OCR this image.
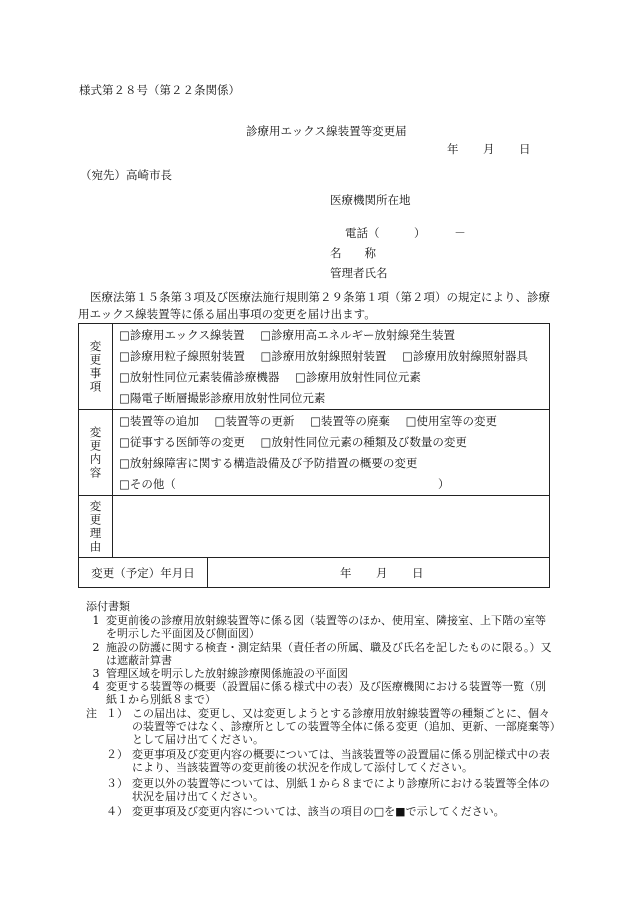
様式第２８号（第２２条関係）
診療用エックス線装置等変更届
年 月 日
（宛先）高崎市長
医療機関所在地
電話（　　　）　　　－
名　　称
管理者氏名
医療法第１５条第３項及び医療法施行規則第２９条第１項（第２項）の規定により、診療用エックス線装置等に係る届出事項の変更を届け出ます。
変更事項	□診療用エックス線装置 □診療用高エネルギー放射線発生装置
□診療用粒子線照射装置 □診療用放射線照射装置 □診療用放射線照射器具
□放射性同位元素装備診療機器 □診療用放射性同位元素
□陽電子断層撮影診療用放射性同位元素	

変更内容	□装置等の追加 □装置等の更新 □装置等の廃棄 □使用室等の変更
□従事する医師等の変更 □放射性同位元素の種類及び数量の変更
□放射線障害に関する構造設備及び予防措置の概要の変更
□その他（ ）	

変更理由		

変更（予定）年月日		年 月 日
添付書類
1 変更前後の診療用放射線装置等に係る図（装置等のほか、使用室、隣接室、上下階の室等を明示した平面図及び側面図）
2 施設の防護に関する検査・測定結果（責任者の所属、職及び氏名を記したものに限る。）又は遮蔽計算書
3 管理区域を明示した放射線診療関係施設の平面図
4 変更する装置等の概要（設置届に係る様式中の表）及び医療機関における装置等一覧（別紙１から別紙８まで）
注 １） この届出は、変更し、又は変更しようとする診療用放射線装置等の種類ごとに、個々の装置等ではなく、診療所としての装置等全体に係る変更（追加、更新、一部廃棄等）として届け出てください。
２） 変更事項及び変更内容の概要については、当該装置等の設置届に係る別記様式中の表により、当該装置等の変更前後の状況を作成して添付してください。
３） 変更以外の装置等については、別紙１から８までにより診療所における装置等全体の状況を届け出てください。
４） 変更事項及び変更内容については、該当の項目の□を■で示してください。
